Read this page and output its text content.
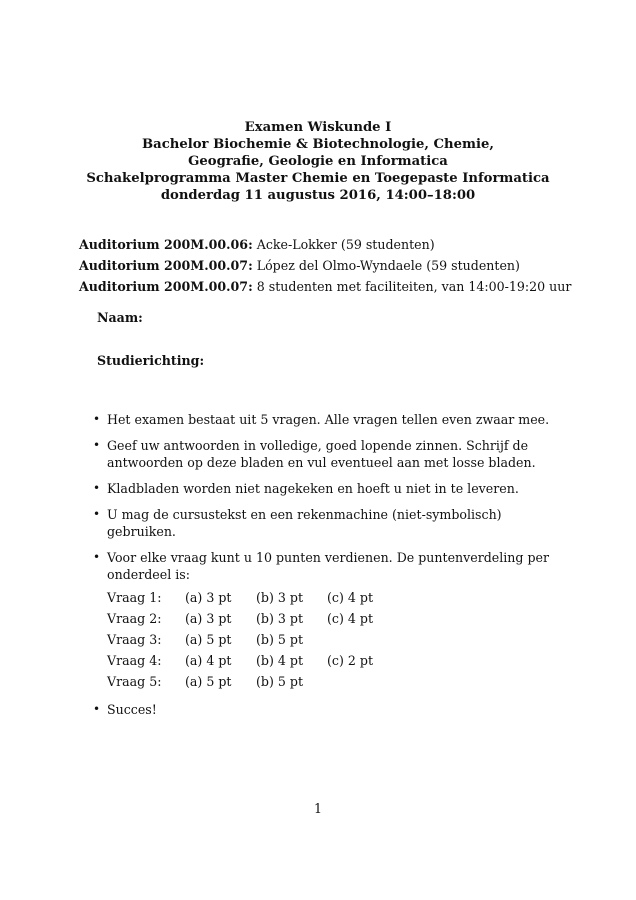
Examen Wiskunde I
Bachelor Biochemie & Biotechnologie, Chemie,
Geografie, Geologie en Informatica
Schakelprogramma Master Chemie en Toegepaste Informatica
donderdag 11 augustus 2016, 14:00–18:00
Auditorium 200M.00.06: Acke-Lokker (59 studenten)
Auditorium 200M.00.07: López del Olmo-Wyndaele (59 studenten)
Auditorium 200M.00.07: 8 studenten met faciliteiten, van 14:00-19:20 uur
Naam:
Studierichting:
• Het examen bestaat uit 5 vragen. Alle vragen tellen even zwaar mee.
• Geef uw antwoorden in volledige, goed lopende zinnen. Schrijf de antwoorden op deze bladen en vul eventueel aan met losse bladen.
• Kladbladen worden niet nagekeken en hoeft u niet in te leveren.
• U mag de cursustekst en een rekenmachine (niet-symbolisch) gebruiken.
• Voor elke vraag kunt u 10 punten verdienen. De puntenverdeling per onderdeel is:
Vraag 1:	(a) 3 pt	(b) 3 pt	(c) 4 pt
Vraag 2:	(a) 3 pt	(b) 3 pt	(c) 4 pt
Vraag 3:	(a) 5 pt	(b) 5 pt	
Vraag 4:	(a) 4 pt	(b) 4 pt	(c) 2 pt
Vraag 5:	(a) 5 pt	(b) 5 pt	
• Succes!
1
